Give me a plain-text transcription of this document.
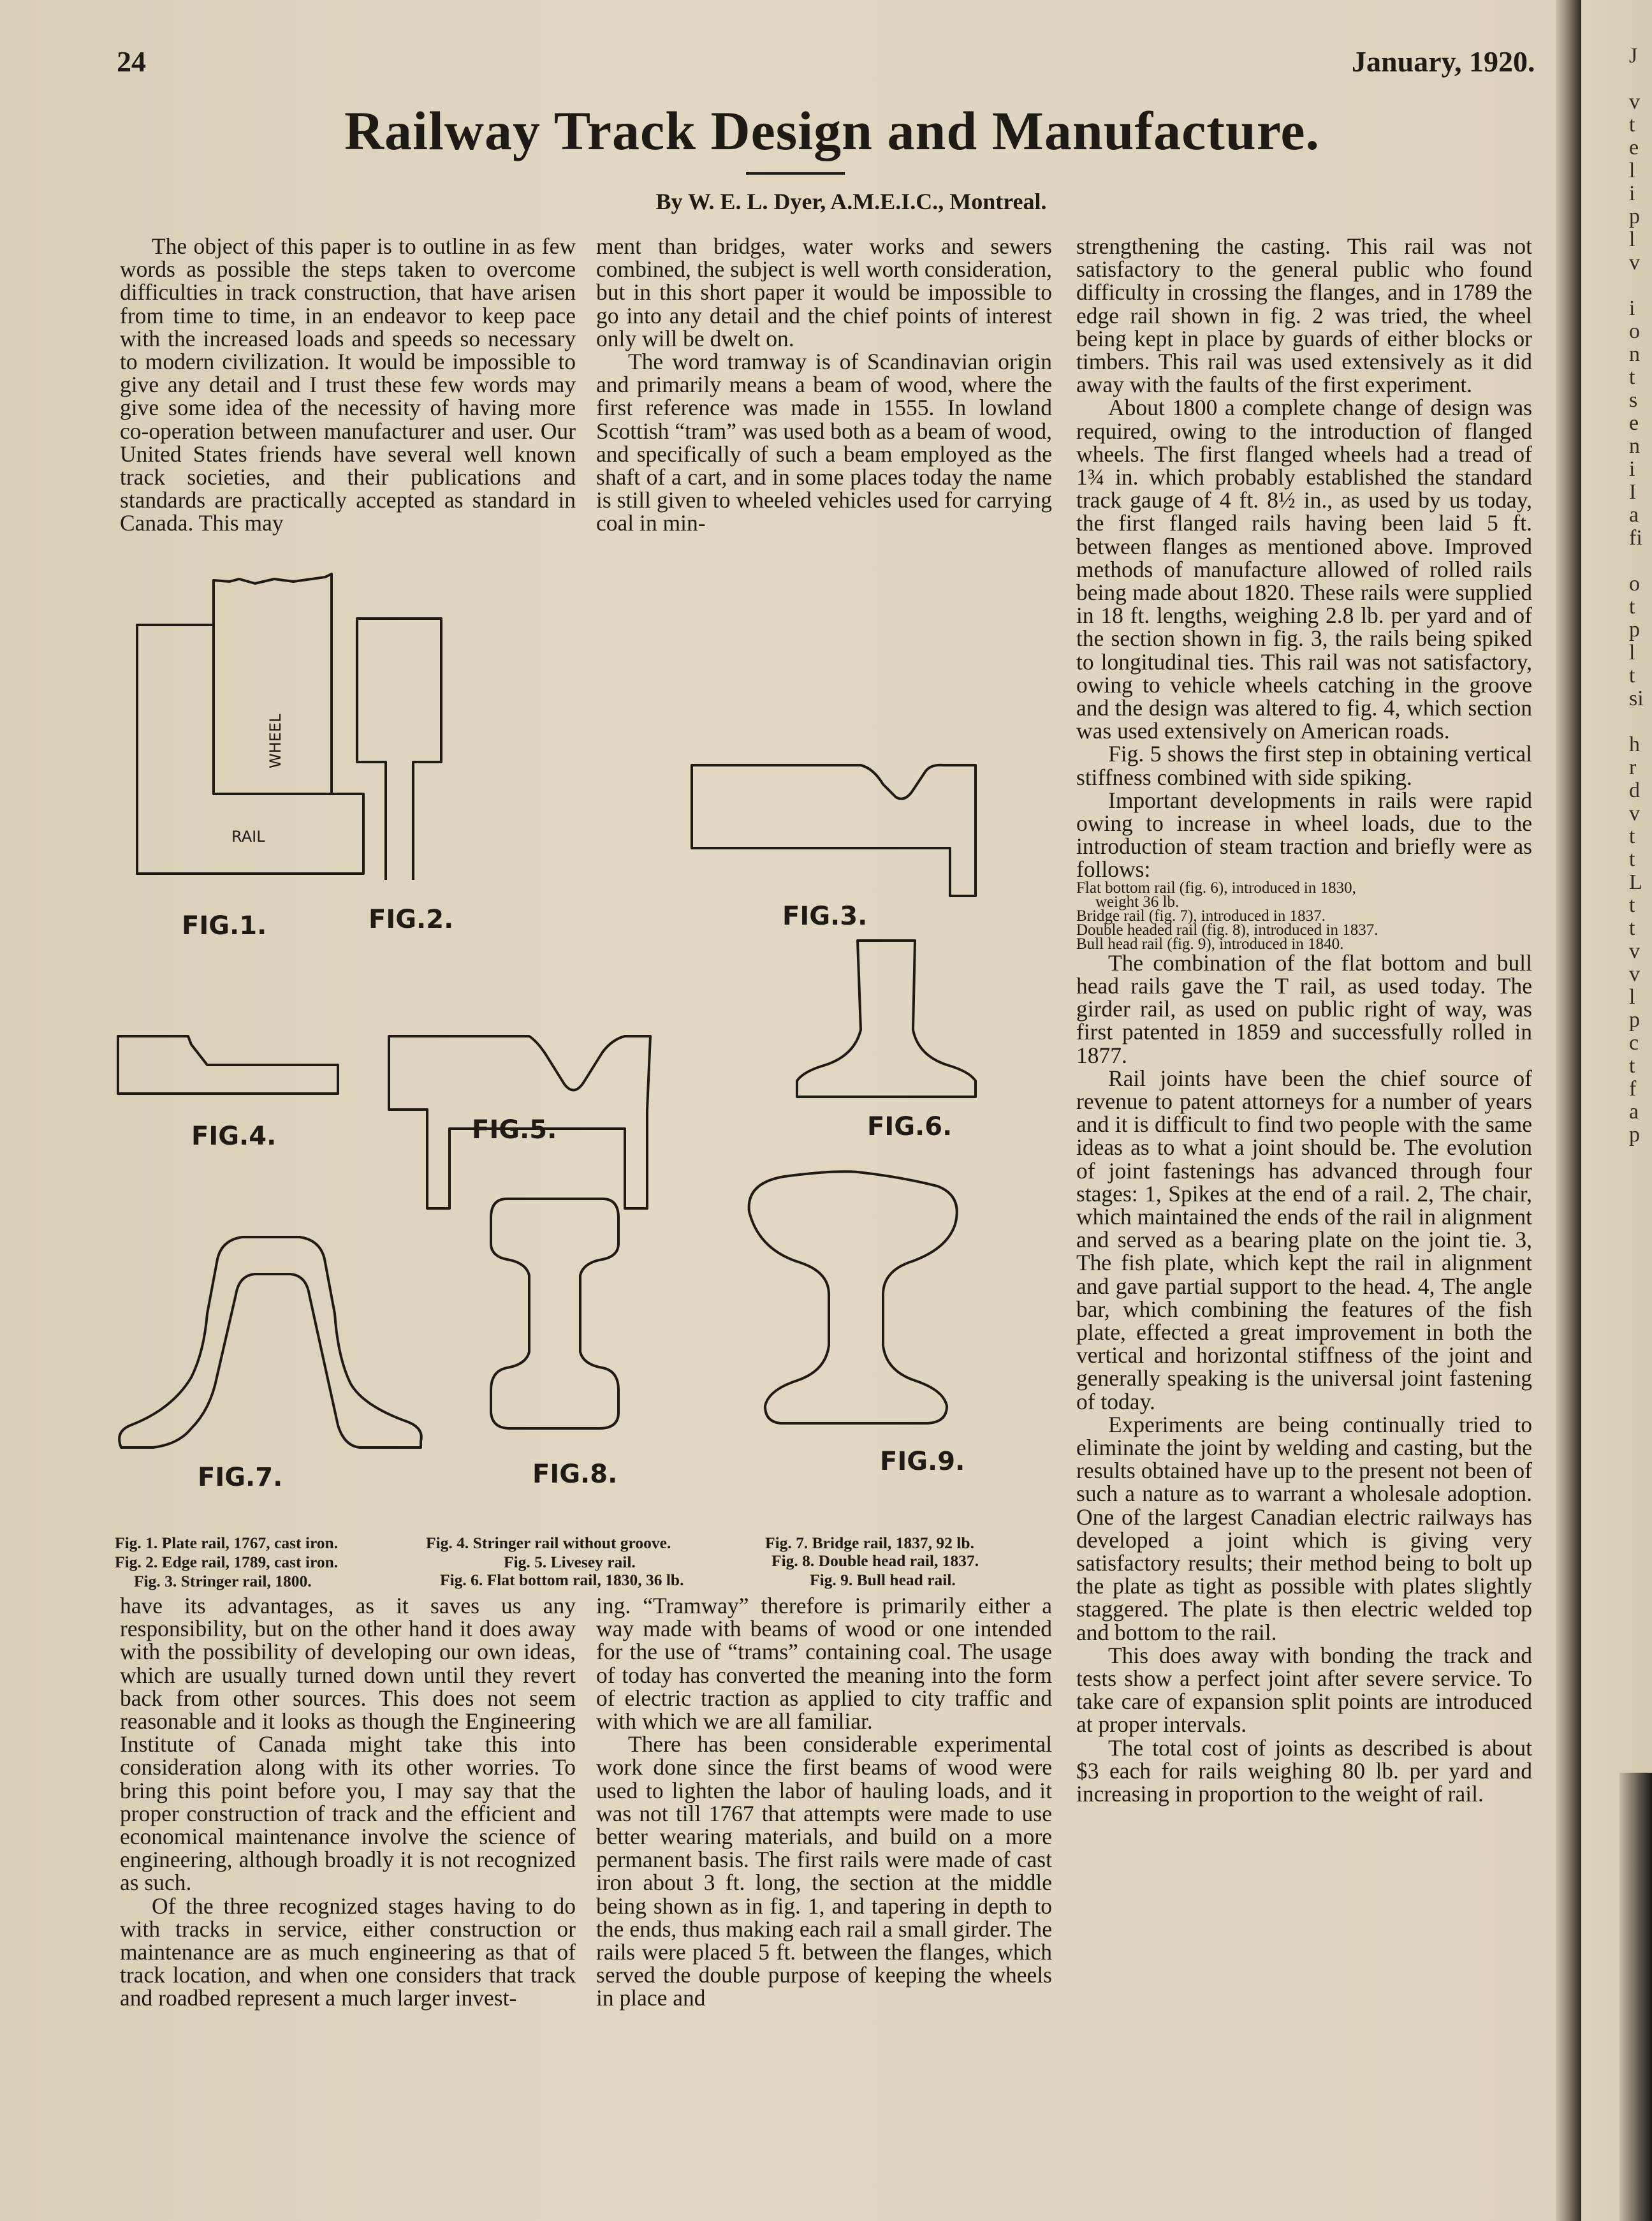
J
v
t
e
l
i
p
l
v
i
o
n
t
s
e
n
i
I
a
fi
o
t
p
l
t
si
h
r
d
v
t
t
L
t
t
v
v
l
p
c
t
f
a
p
24	January, 1920.
Railway Track Design and Manufacture.
By W. E. L. Dyer, A.M.E.I.C., Montreal.

The object of this paper is to outline in as few words as possible the steps taken to overcome difficulties in track construction, that have arisen from time to time, in an endeavor to keep pace with the increased loads and speeds so necessary to modern civilization. It would be impossible to give any detail and I trust these few words may give some idea of the necessity of having more co-operation between manufacturer and user. Our United States friends have several well known track societies, and their publications and standards are practically accepted as standard in Canada. This may

ment than bridges, water works and sewers combined, the subject is well worth consideration, but in this short paper it would be impossible to go into any detail and the chief points of interest only will be dwelt on.

The word tramway is of Scandinavian origin and primarily means a beam of wood, where the first reference was made in 1555. In lowland Scottish “tram” was used both as a beam of wood, and specifically of such a beam employed as the shaft of a cart, and in some places today the name is still given to wheeled vehicles used for carrying coal in min-

strengthening the casting. This rail was not satisfactory to the general public who found difficulty in crossing the flanges, and in 1789 the edge rail shown in fig. 2 was tried, the wheel being kept in place by guards of either blocks or timbers. This rail was used extensively as it did away with the faults of the first experiment.

About 1800 a complete change of design was required, owing to the introduction of flanged wheels. The first flanged wheels had a tread of 1¾ in. which probably established the standard track gauge of 4 ft. 8½ in., as used by us today, the first flanged rails having been laid 5 ft. between flanges as mentioned above. Improved methods of manufacture allowed of rolled rails being made about 1820. These rails were supplied in 18 ft. lengths, weighing 2.8 lb. per yard and of the section shown in fig. 3, the rails being spiked to longitudinal ties. This rail was not satisfactory, owing to vehicle wheels catching in the groove and the design was altered to fig. 4, which section was used extensively on American roads.

Fig. 5 shows the first step in obtaining vertical stiffness combined with side spiking.

Important developments in rails were rapid owing to increase in wheel loads, due to the introduction of steam traction and briefly were as follows:

Flat bottom rail (fig. 6), introduced in 1830,

weight 36 lb.

Bridge rail (fig. 7), introduced in 1837.

Double headed rail (fig. 8), introduced in 1837.

Bull head rail (fig. 9), introduced in 1840.

The combination of the flat bottom and bull head rails gave the T rail, as used today. The girder rail, as used on public right of way, was first patented in 1859 and successfully rolled in 1877.

Rail joints have been the chief source of revenue to patent attorneys for a number of years and it is difficult to find two people with the same ideas as to what a joint should be. The evolution of joint fastenings has advanced through four stages: 1, Spikes at the end of a rail. 2, The chair, which maintained the ends of the rail in alignment and served as a bearing plate on the joint tie. 3, The fish plate, which kept the rail in alignment and gave partial support to the head. 4, The angle bar, which combining the features of the fish plate, effected a great improvement in both the vertical and horizontal stiffness of the joint and generally speaking is the universal joint fastening of today.

Experiments are being continually tried to eliminate the joint by welding and casting, but the results obtained have up to the present not been of such a nature as to warrant a wholesale adoption. One of the largest Canadian electric railways has developed a joint which is giving very satisfactory results; their method being to bolt up the plate as tight as possible with plates slightly staggered. The plate is then electric welded top and bottom to the rail.

This does away with bonding the track and tests show a perfect joint after severe service. To take care of expansion split points are introduced at proper intervals.

The total cost of joints as described is about $3 each for rails weighing 80 lb. per yard and increasing in proportion to the weight of rail.

WHEEL
RAIL
FIG.1.	FIG.2.	FIG.3.
FIG.4.	FIG.5.	FIG.6.
FIG.7.	FIG.8.	FIG.9.
Fig. 1. Plate rail, 1767, cast iron.	Fig. 4. Stringer rail without groove.	Fig. 7. Bridge rail, 1837, 92 lb.
Fig. 2. Edge rail, 1789, cast iron.	Fig. 5. Livesey rail.	Fig. 8. Double head rail, 1837.
Fig. 3. Stringer rail, 1800.	Fig. 6. Flat bottom rail, 1830, 36 lb.	Fig. 9. Bull head rail.

have its advantages, as it saves us any responsibility, but on the other hand it does away with the possibility of developing our own ideas, which are usually turned down until they revert back from other sources. This does not seem reasonable and it looks as though the Engineering Institute of Canada might take this into consideration along with its other worries. To bring this point before you, I may say that the proper construction of track and the efficient and economical maintenance involve the science of engineering, although broadly it is not recognized as such.

Of the three recognized stages having to do with tracks in service, either construction or maintenance are as much engineering as that of track location, and when one considers that track and roadbed represent a much larger invest-

ing. “Tramway” therefore is primarily either a way made with beams of wood or one intended for the use of “trams” containing coal. The usage of today has converted the meaning into the form of electric traction as applied to city traffic and with which we are all familiar.

There has been considerable experimental work done since the first beams of wood were used to lighten the labor of hauling loads, and it was not till 1767 that attempts were made to use better wearing materials, and build on a more permanent basis. The first rails were made of cast iron about 3 ft. long, the section at the middle being shown as in fig. 1, and tapering in depth to the ends, thus making each rail a small girder. The rails were placed 5 ft. between the flanges, which served the double purpose of keeping the wheels in place and
